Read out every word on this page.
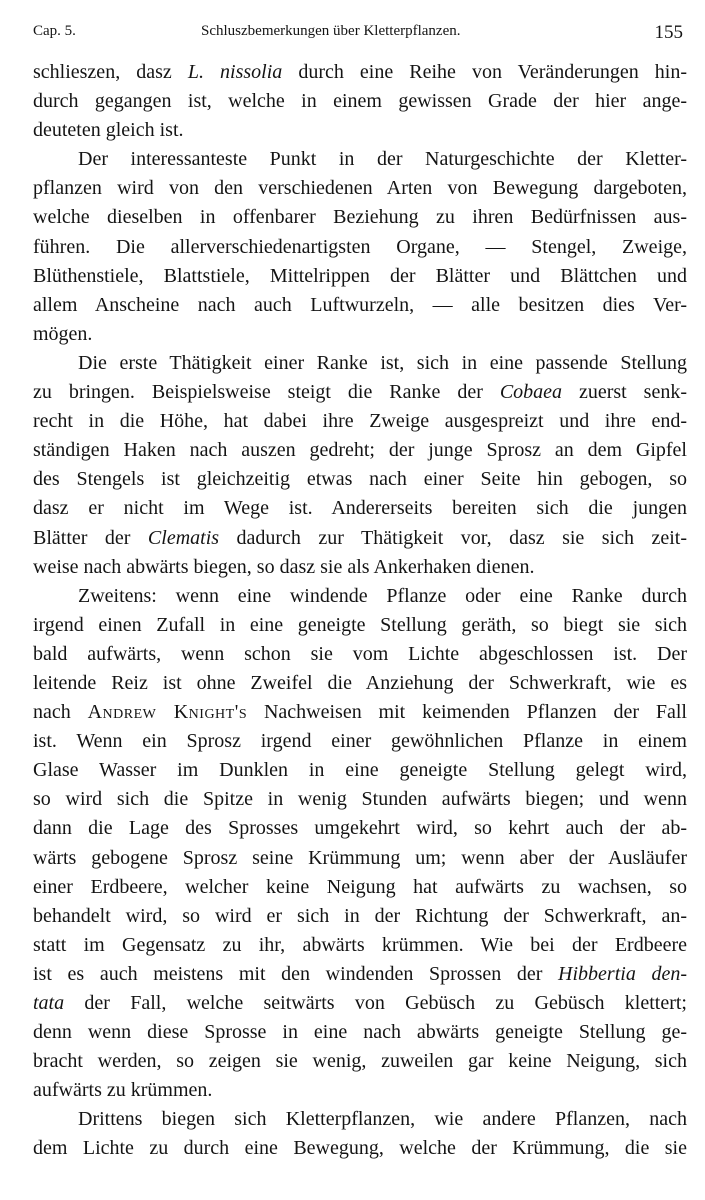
Cap. 5.	Schluszbemerkungen über Kletterpflanzen.	155
schlieszen, dasz L. nissolia durch eine Reihe von Veränderungen hin-
durch gegangen ist, welche in einem gewissen Grade der hier ange-
deuteten gleich ist.
Der interessanteste Punkt in der Naturgeschichte der Kletter-
pflanzen wird von den verschiedenen Arten von Bewegung dargeboten,
welche dieselben in offenbarer Beziehung zu ihren Bedürfnissen aus-
führen. Die allerverschiedenartigsten Organe, — Stengel, Zweige,
Blüthenstiele, Blattstiele, Mittelrippen der Blätter und Blättchen und
allem Anscheine nach auch Luftwurzeln, — alle besitzen dies Ver-
mögen.
Die erste Thätigkeit einer Ranke ist, sich in eine passende Stellung
zu bringen. Beispielsweise steigt die Ranke der Cobaea zuerst senk-
recht in die Höhe, hat dabei ihre Zweige ausgespreizt und ihre end-
ständigen Haken nach auszen gedreht; der junge Sprosz an dem Gipfel
des Stengels ist gleichzeitig etwas nach einer Seite hin gebogen, so
dasz er nicht im Wege ist. Andererseits bereiten sich die jungen
Blätter der Clematis dadurch zur Thätigkeit vor, dasz sie sich zeit-
weise nach abwärts biegen, so dasz sie als Ankerhaken dienen.
Zweitens: wenn eine windende Pflanze oder eine Ranke durch
irgend einen Zufall in eine geneigte Stellung geräth, so biegt sie sich
bald aufwärts, wenn schon sie vom Lichte abgeschlossen ist. Der
leitende Reiz ist ohne Zweifel die Anziehung der Schwerkraft, wie es
nach Andrew Knight's Nachweisen mit keimenden Pflanzen der Fall
ist. Wenn ein Sprosz irgend einer gewöhnlichen Pflanze in einem
Glase Wasser im Dunklen in eine geneigte Stellung gelegt wird,
so wird sich die Spitze in wenig Stunden aufwärts biegen; und wenn
dann die Lage des Sprosses umgekehrt wird, so kehrt auch der ab-
wärts gebogene Sprosz seine Krümmung um; wenn aber der Ausläufer
einer Erdbeere, welcher keine Neigung hat aufwärts zu wachsen, so
behandelt wird, so wird er sich in der Richtung der Schwerkraft, an-
statt im Gegensatz zu ihr, abwärts krümmen. Wie bei der Erdbeere
ist es auch meistens mit den windenden Sprossen der Hibbertia den-
tata der Fall, welche seitwärts von Gebüsch zu Gebüsch klettert;
denn wenn diese Sprosse in eine nach abwärts geneigte Stellung ge-
bracht werden, so zeigen sie wenig, zuweilen gar keine Neigung, sich
aufwärts zu krümmen.
Drittens biegen sich Kletterpflanzen, wie andere Pflanzen, nach
dem Lichte zu durch eine Bewegung, welche der Krümmung, die sie
